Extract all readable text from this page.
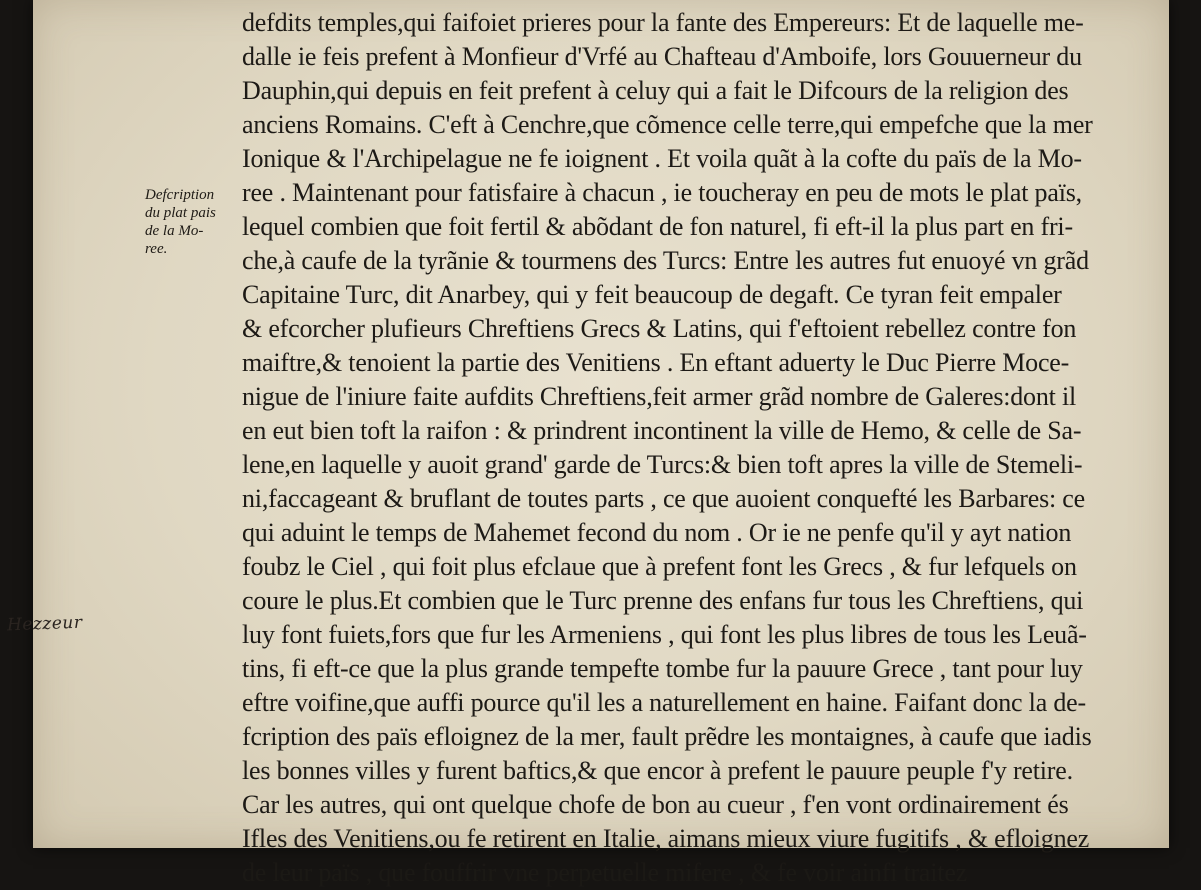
Defcription
du plat pais
de la Mo-
ree.
defdits temples,qui faifoiet prieres pour la fante des Empereurs: Et de laquelle me-
dalle ie feis prefent à Monfieur d'Vrfé au Chafteau d'Amboife, lors Gouuerneur du
Dauphin,qui depuis en feit prefent à celuy qui a fait le Difcours de la religion des
anciens Romains. C'eft à Cenchre,que cõmence celle terre,qui empefche que la mer
Ionique & l'Archipelague ne fe ioignent . Et voila quãt à la cofte du païs de la Mo-
ree . Maintenant pour fatisfaire à chacun , ie toucheray en peu de mots le plat païs,
lequel combien que foit fertil & abõdant de fon naturel, fi eft-il la plus part en fri-
che,à caufe de la tyrãnie & tourmens des Turcs: Entre les autres fut enuoyé vn grãd
Capitaine Turc, dit Anarbey, qui y feit beaucoup de degaft. Ce tyran feit empaler
& efcorcher plufieurs Chreftiens Grecs & Latins, qui f'eftoient rebellez contre fon
maiftre,& tenoient la partie des Venitiens . En eftant aduerty le Duc Pierre Moce-
nigue de l'iniure faite aufdits Chreftiens,feit armer grãd nombre de Galeres:dont il
en eut bien toft la raifon : & prindrent incontinent la ville de Hemo, & celle de Sa-
lene,en laquelle y auoit grand' garde de Turcs:& bien toft apres la ville de Stemeli-
ni,faccageant & bruflant de toutes parts , ce que auoient conquefté les Barbares: ce
qui aduint le temps de Mahemet fecond du nom . Or ie ne penfe qu'il y ayt nation
foubz le Ciel , qui foit plus efclaue que à prefent font les Grecs , & fur lefquels on
coure le plus.Et combien que le Turc prenne des enfans fur tous les Chreftiens, qui
luy font fuiets,fors que fur les Armeniens , qui font les plus libres de tous les Leuã-
tins, fi eft-ce que la plus grande tempefte tombe fur la pauure Grece , tant pour luy
eftre voifine,que auffi pource qu'il les a naturellement en haine. Faifant donc la de-
fcription des païs efloignez de la mer, fault prẽdre les montaignes, à caufe que iadis
les bonnes villes y furent baftics,& que encor à prefent le pauure peuple f'y retire.
Car les autres, qui ont quelque chofe de bon au cueur , f'en vont ordinairement és
Ifles des Venitiens,ou fe retirent en Italie, aimans mieux viure fugitifs , & efloignez
de leur païs , que fouffrir vne perpetuelle mifere , & fe voir ainfi traitez
Hezzeur
